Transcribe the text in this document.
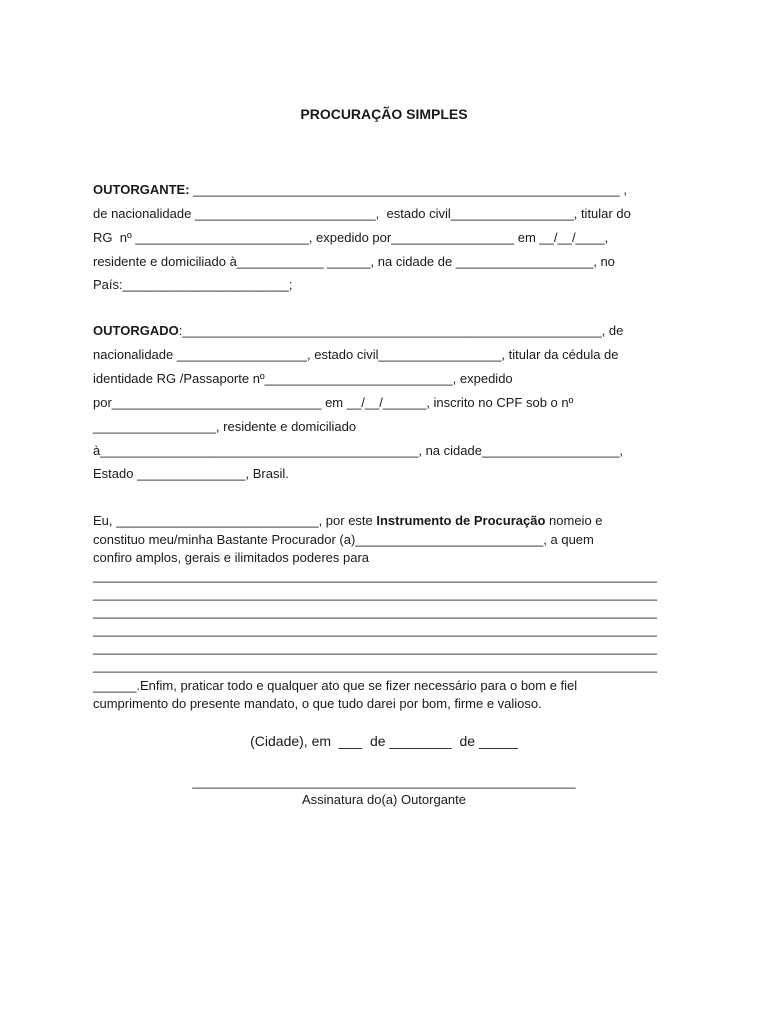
PROCURAÇÃO SIMPLES
OUTORGANTE: ___________________________________________________________ ,
de nacionalidade _________________________,  estado civil_________________, titular do
RG  nº ________________________, expedido por_________________ em __/__/____,
residente e domiciliado à____________ ______, na cidade de ___________________, no
País:_______________________;
OUTORGADO:__________________________________________________________, de
nacionalidade __________________, estado civil_________________, titular da cédula de
identidade RG /Passaporte nº__________________________, expedido
por_____________________________ em __/__/______, inscrito no CPF sob o nº
_________________, residente e domiciliado
à____________________________________________, na cidade___________________,
Estado _______________, Brasil.
Eu, ____________________________, por este Instrumento de Procuração nomeio e
constituo meu/minha Bastante Procurador (a)__________________________, a quem
confiro amplos, gerais e ilimitados poderes para
______________________________________________________________________________
______________________________________________________________________________
______________________________________________________________________________
______________________________________________________________________________
______________________________________________________________________________
______________________________________________________________________________
______.Enfim, praticar todo e qualquer ato que se fizer necessário para o bom e fiel
cumprimento do presente mandato, o que tudo darei por bom, firme e valioso.
(Cidade), em  ___  de ________  de _____
_____________________________________________________
Assinatura do(a) Outorgante
